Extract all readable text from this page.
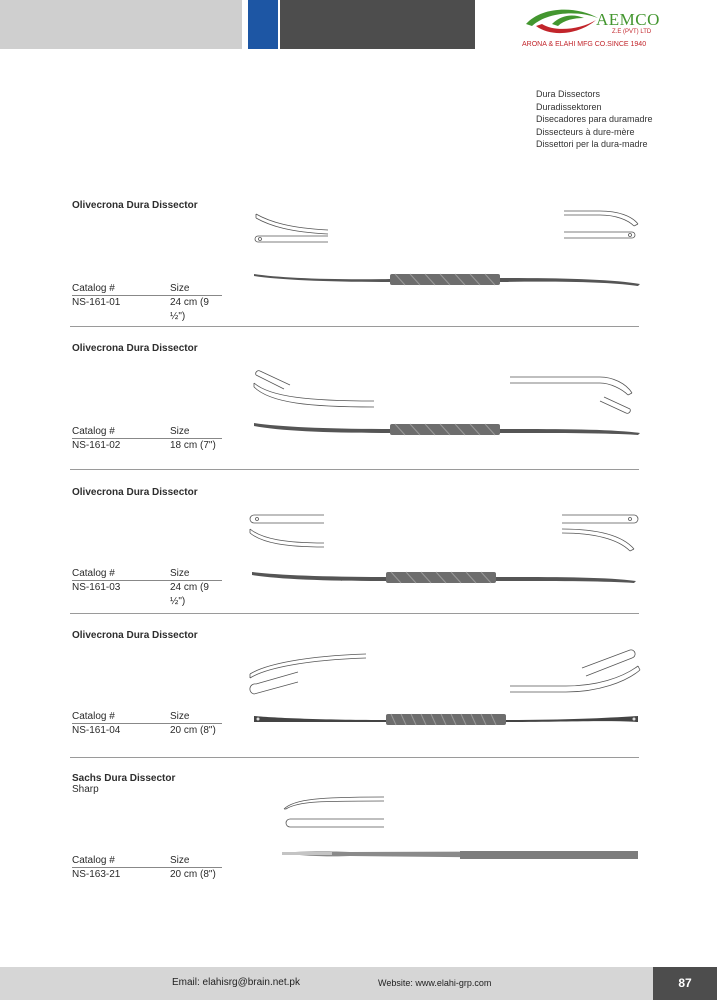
AEMCO
Z.E (PVT) LTD
ARONA & ELAHI MFG CO.SINCE 1940
Dura Dissectors
Duradissektoren
Disecadores para duramadre
Dissecteurs à dure-mère
Dissettori per la dura-madre
Olivecrona Dura Dissector
Catalog #	Size
NS-161-01	24 cm (9 ½")
Olivecrona Dura Dissector
Catalog #	Size
NS-161-02	18 cm (7")
Olivecrona Dura Dissector
Catalog #	Size
NS-161-03	24 cm (9 ½")
Olivecrona Dura Dissector
Catalog #	Size
NS-161-04	20 cm (8")
Sachs Dura Dissector
Sharp
Catalog #	Size
NS-163-21	20 cm (8")
Email: elahisrg@brain.net.pk	Website: www.elahi-grp.com	87
